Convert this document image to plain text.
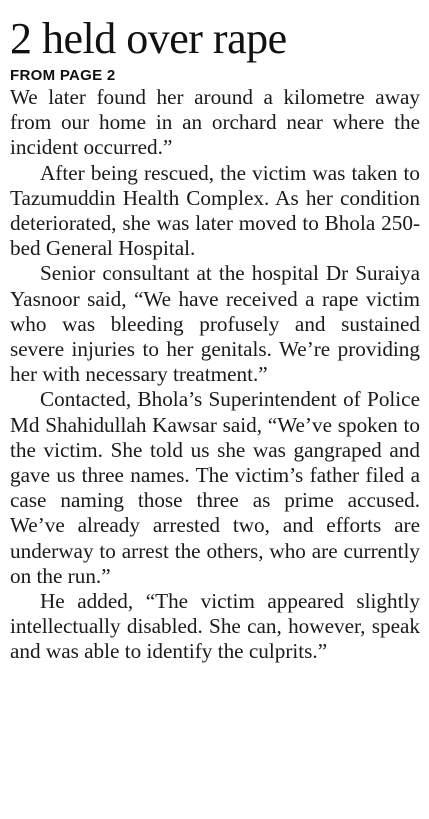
2 held over rape
FROM PAGE 2

We later found her around a kilometre away from our home in an orchard near where the incident occurred.”

After being rescued, the victim was taken to Tazumuddin Health Complex. As her condition deteriorated, she was later moved to Bhola 250-bed General Hospital.

Senior consultant at the hospital Dr Suraiya Yasnoor said, “We have received a rape victim who was bleeding profusely and sustained severe injuries to her genitals. We’re providing her with necessary treatment.”

Contacted, Bhola’s Superintendent of Police Md Shahidullah Kawsar said, “We’ve spoken to the victim. She told us she was gangraped and gave us three names. The victim’s father filed a case naming those three as prime accused. We’ve already arrested two, and efforts are underway to arrest the others, who are currently on the run.”

He added, “The victim appeared slightly intellectually disabled. She can, however, speak and was able to identify the culprits.”
